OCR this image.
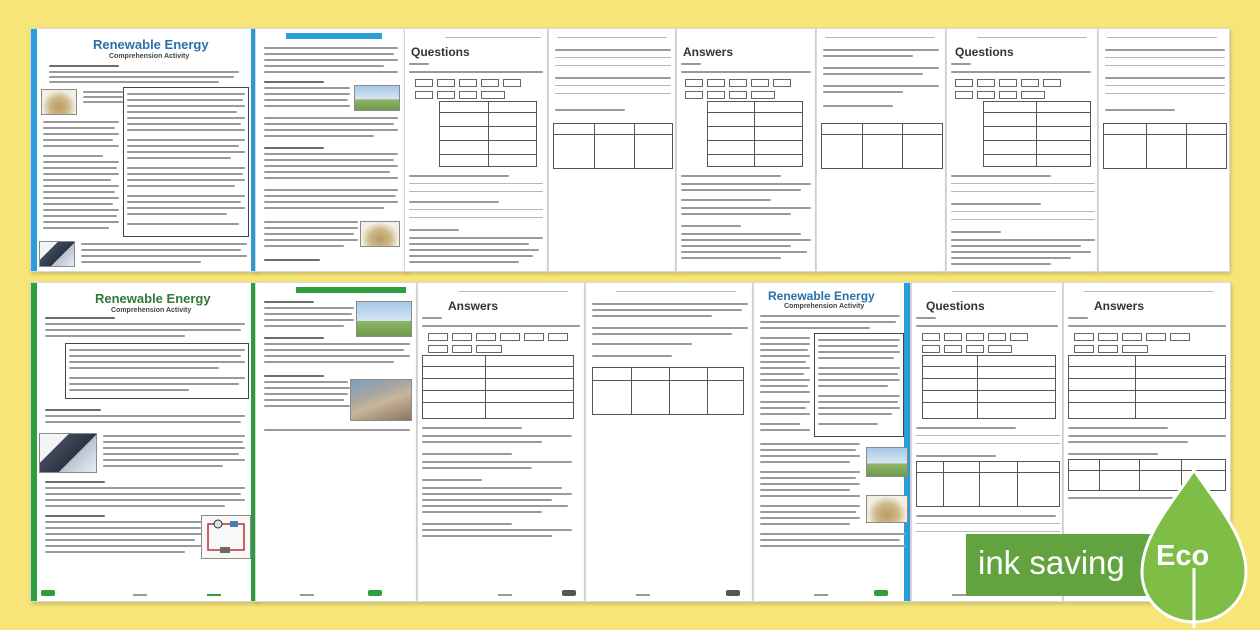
Renewable Energy
Comprehension Activity
	Questions	Answers	Questions
Renewable Energy
Comprehension Activity	Answers
Renewable Energy
Comprehension Activity	Questions	Answers
ink saving Eco
